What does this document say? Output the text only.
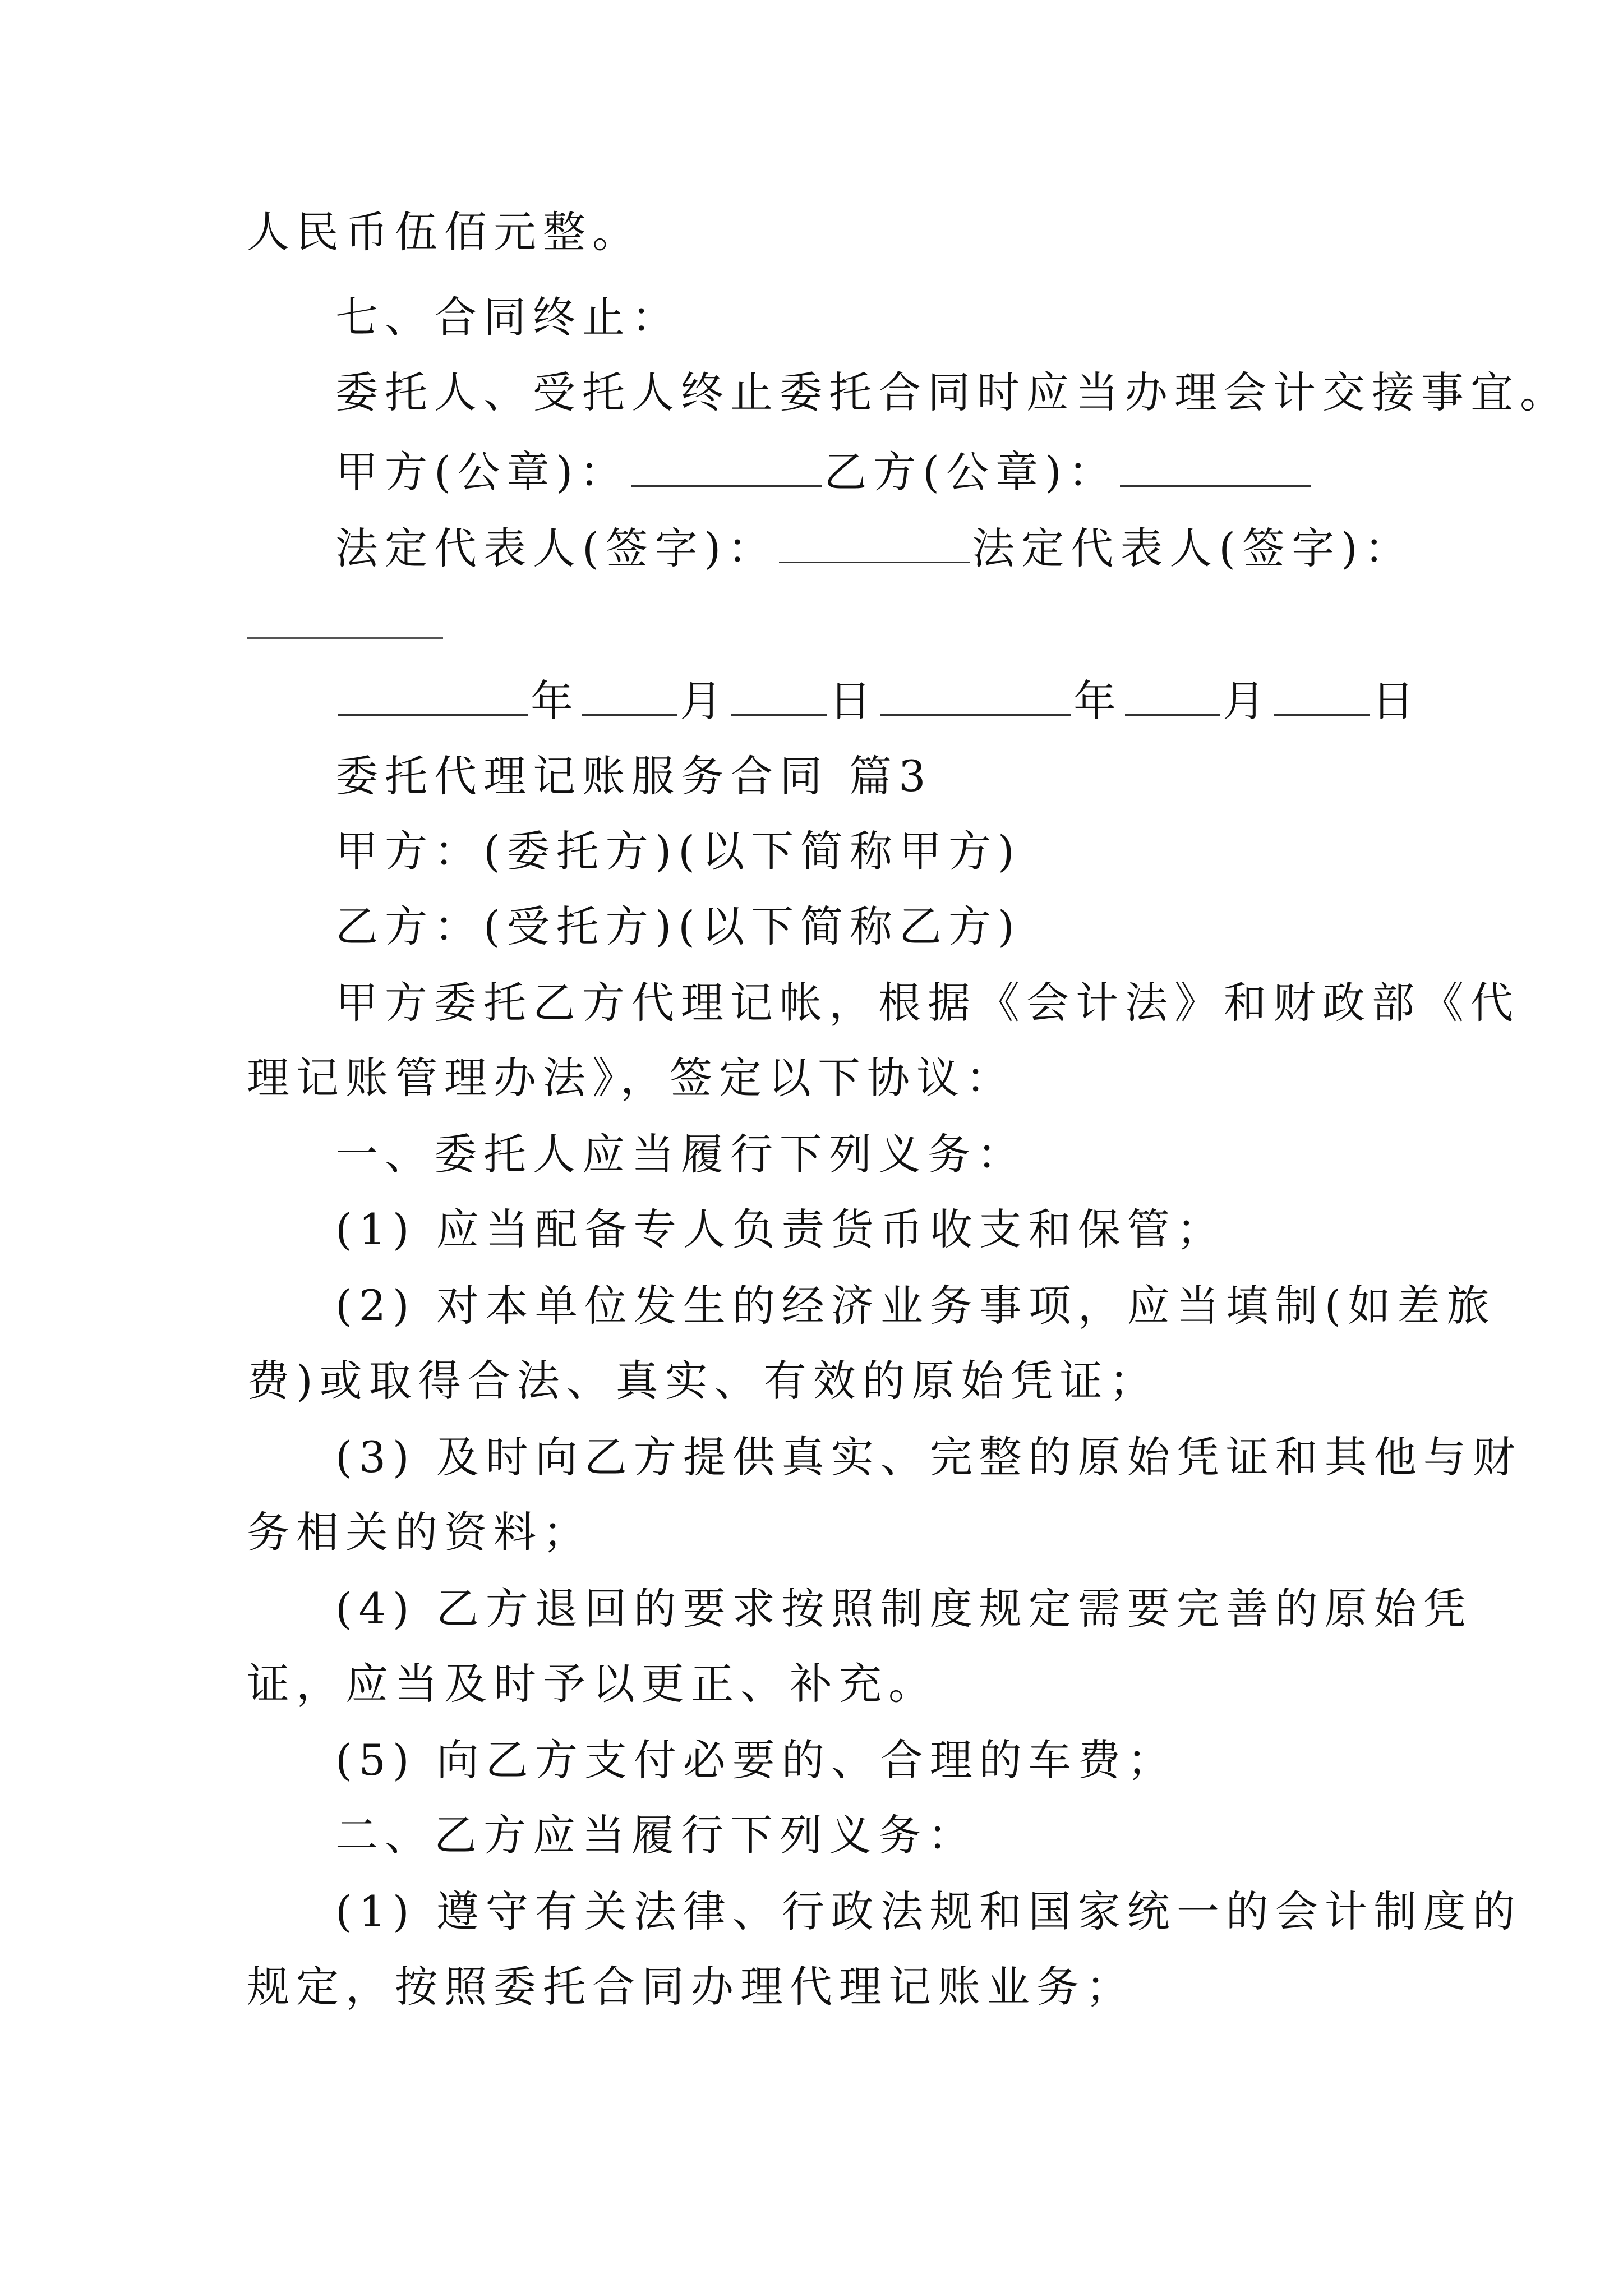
人民币伍佰元整。
七、合同终止：
委托人、受托人终止委托合同时应当办理会计交接事宜。
甲方(公章)：	乙方(公章)：
法定代表人(签字)：	法定代表人(签字)：
年 月 日	年 月 日
委托代理记账服务合同 篇3
甲方：(委托方)(以下简称甲方)
乙方：(受托方)(以下简称乙方)
甲方委托乙方代理记帐，根据《会计法》和财政部《代
理记账管理办法》，签定以下协议：
一、委托人应当履行下列义务：
(1) 应当配备专人负责货币收支和保管；
(2) 对本单位发生的经济业务事项，应当填制(如差旅
费)或取得合法、真实、有效的原始凭证；
(3) 及时向乙方提供真实、完整的原始凭证和其他与财
务相关的资料；
(4) 乙方退回的要求按照制度规定需要完善的原始凭
证，应当及时予以更正、补充。
(5) 向乙方支付必要的、合理的车费；
二、乙方应当履行下列义务：
(1) 遵守有关法律、行政法规和国家统一的会计制度的
规定，按照委托合同办理代理记账业务；
